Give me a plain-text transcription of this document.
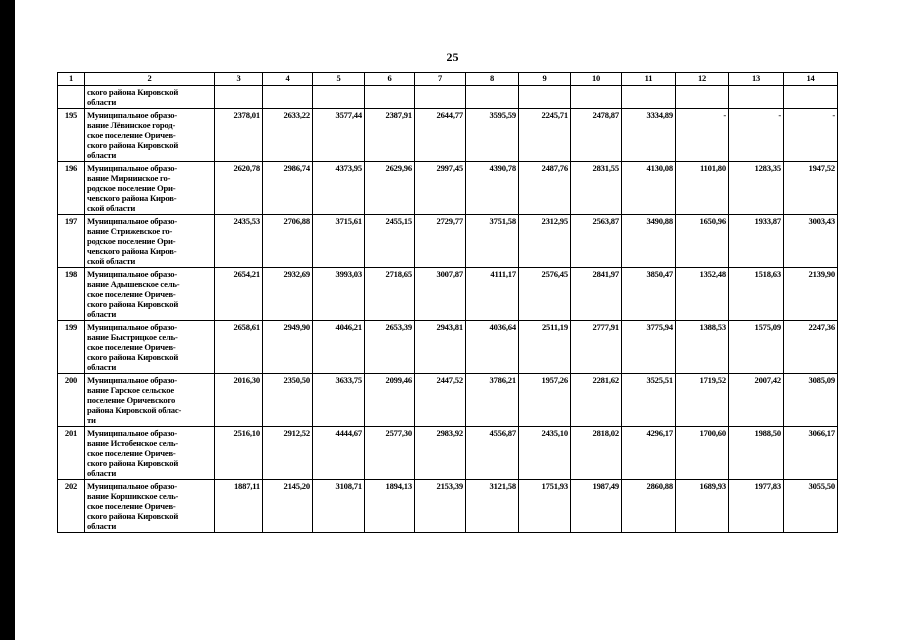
25
1	2	3	4	5	6	7	8	9	10	11	12	13	14

	ского района Кировской
области												

195	Муниципальное образо-
вание Лёвинское город-
ское поселение Оричев-
ского района Кировской
области	2378,01	2633,22	3577,44	2387,91	2644,77	3595,59	2245,71	2478,87	3334,89	-	-	-
196	Муниципальное образо-
вание Мирнинское го-
родское поселение Ори-
чевского района Киров-
ской области	2620,78	2986,74	4373,95	2629,96	2997,45	4390,78	2487,76	2831,55	4130,08	1101,80	1283,35	1947,52
197	Муниципальное образо-
вание Стрижевское го-
родское поселение Ори-
чевского района Киров-
ской области	2435,53	2706,88	3715,61	2455,15	2729,77	3751,58	2312,95	2563,87	3490,88	1650,96	1933,87	3003,43
198	Муниципальное образо-
вание Адышевское сель-
ское поселение Оричев-
ского района Кировской
области	2654,21	2932,69	3993,03	2718,65	3007,87	4111,17	2576,45	2841,97	3850,47	1352,48	1518,63	2139,90
199	Муниципальное образо-
вание Быстрицкое сель-
ское поселение Оричев-
ского района Кировской
области	2658,61	2949,90	4046,21	2653,39	2943,81	4036,64	2511,19	2777,91	3775,94	1388,53	1575,09	2247,36
200	Муниципальное образо-
вание Гарское сельское
поселение Оричевского
района Кировской облас-
ти	2016,30	2350,50	3633,75	2099,46	2447,52	3786,21	1957,26	2281,62	3525,51	1719,52	2007,42	3085,09
201	Муниципальное образо-
вание Истобенское сель-
ское поселение Оричев-
ского района Кировской
области	2516,10	2912,52	4444,67	2577,30	2983,92	4556,87	2435,10	2818,02	4296,17	1700,60	1988,50	3066,17
202	Муниципальное образо-
вание Коршикское сель-
ское поселение Оричев-
ского района Кировской
области	1887,11	2145,20	3108,71	1894,13	2153,39	3121,58	1751,93	1987,49	2860,88	1689,93	1977,83	3055,50
